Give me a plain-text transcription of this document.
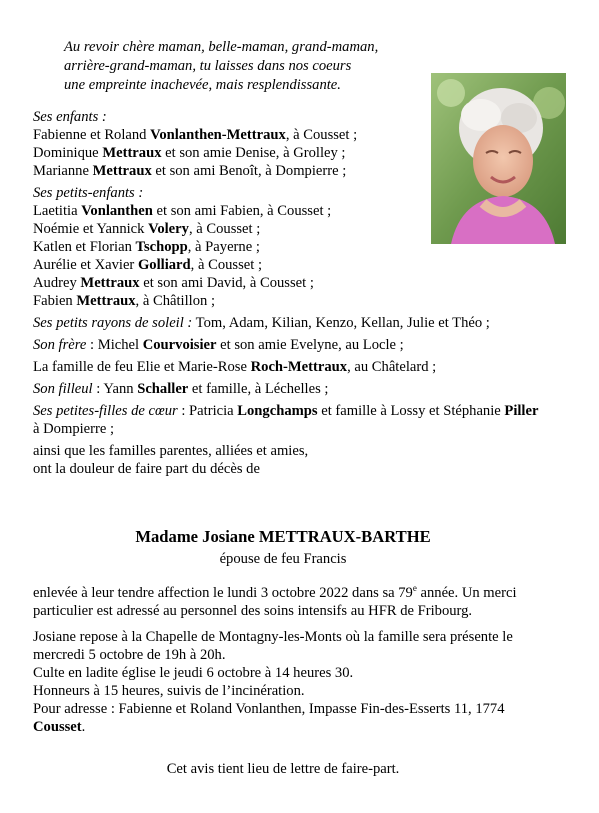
Au revoir chère maman, belle-maman, grand-maman,
arrière-grand-maman, tu laisses dans nos coeurs
une empreinte inachevée, mais resplendissante.
Ses enfants :
Fabienne et Roland Vonlanthen-Mettraux, à Cousset ;
Dominique Mettraux et son amie Denise, à Grolley ;
Marianne Mettraux et son ami Benoît, à Dompierre ;
Ses petits-enfants :
Laetitia Vonlanthen et son ami Fabien, à Cousset ;
Noémie et Yannick Volery, à Cousset ;
Katlen et Florian Tschopp, à Payerne ;
Aurélie et Xavier Golliard, à Cousset ;
Audrey Mettraux et son ami David, à Cousset ;
Fabien Mettraux, à Châtillon ;
Ses petits rayons de soleil : Tom, Adam, Kilian, Kenzo, Kellan, Julie et Théo ;
Son frère : Michel Courvoisier et son amie Evelyne, au Locle ;
La famille de feu Elie et Marie-Rose Roch-Mettraux, au Châtelard ;
Son filleul : Yann Schaller et famille, à Léchelles ;
Ses petites-filles de cœur : Patricia Longchamps et famille à Lossy et Stéphanie Piller à Dompierre ;
ainsi que les familles parentes, alliées et amies,
ont la douleur de faire part du décès de
Madame Josiane METTRAUX-BARTHE
épouse de feu Francis
enlevée à leur tendre affection le lundi 3 octobre 2022 dans sa 79e année. Un merci particulier est adressé au personnel des soins intensifs au HFR de Fribourg.
Josiane repose à la Chapelle de Montagny-les-Monts où la famille sera présente le mercredi 5 octobre de 19h à 20h.
Culte en ladite église le jeudi 6 octobre à 14 heures 30.
Honneurs à 15 heures, suivis de l’incinération.
Pour adresse : Fabienne et Roland Vonlanthen, Impasse Fin-des-Esserts 11, 1774 Cousset.
Cet avis tient lieu de lettre de faire-part.
